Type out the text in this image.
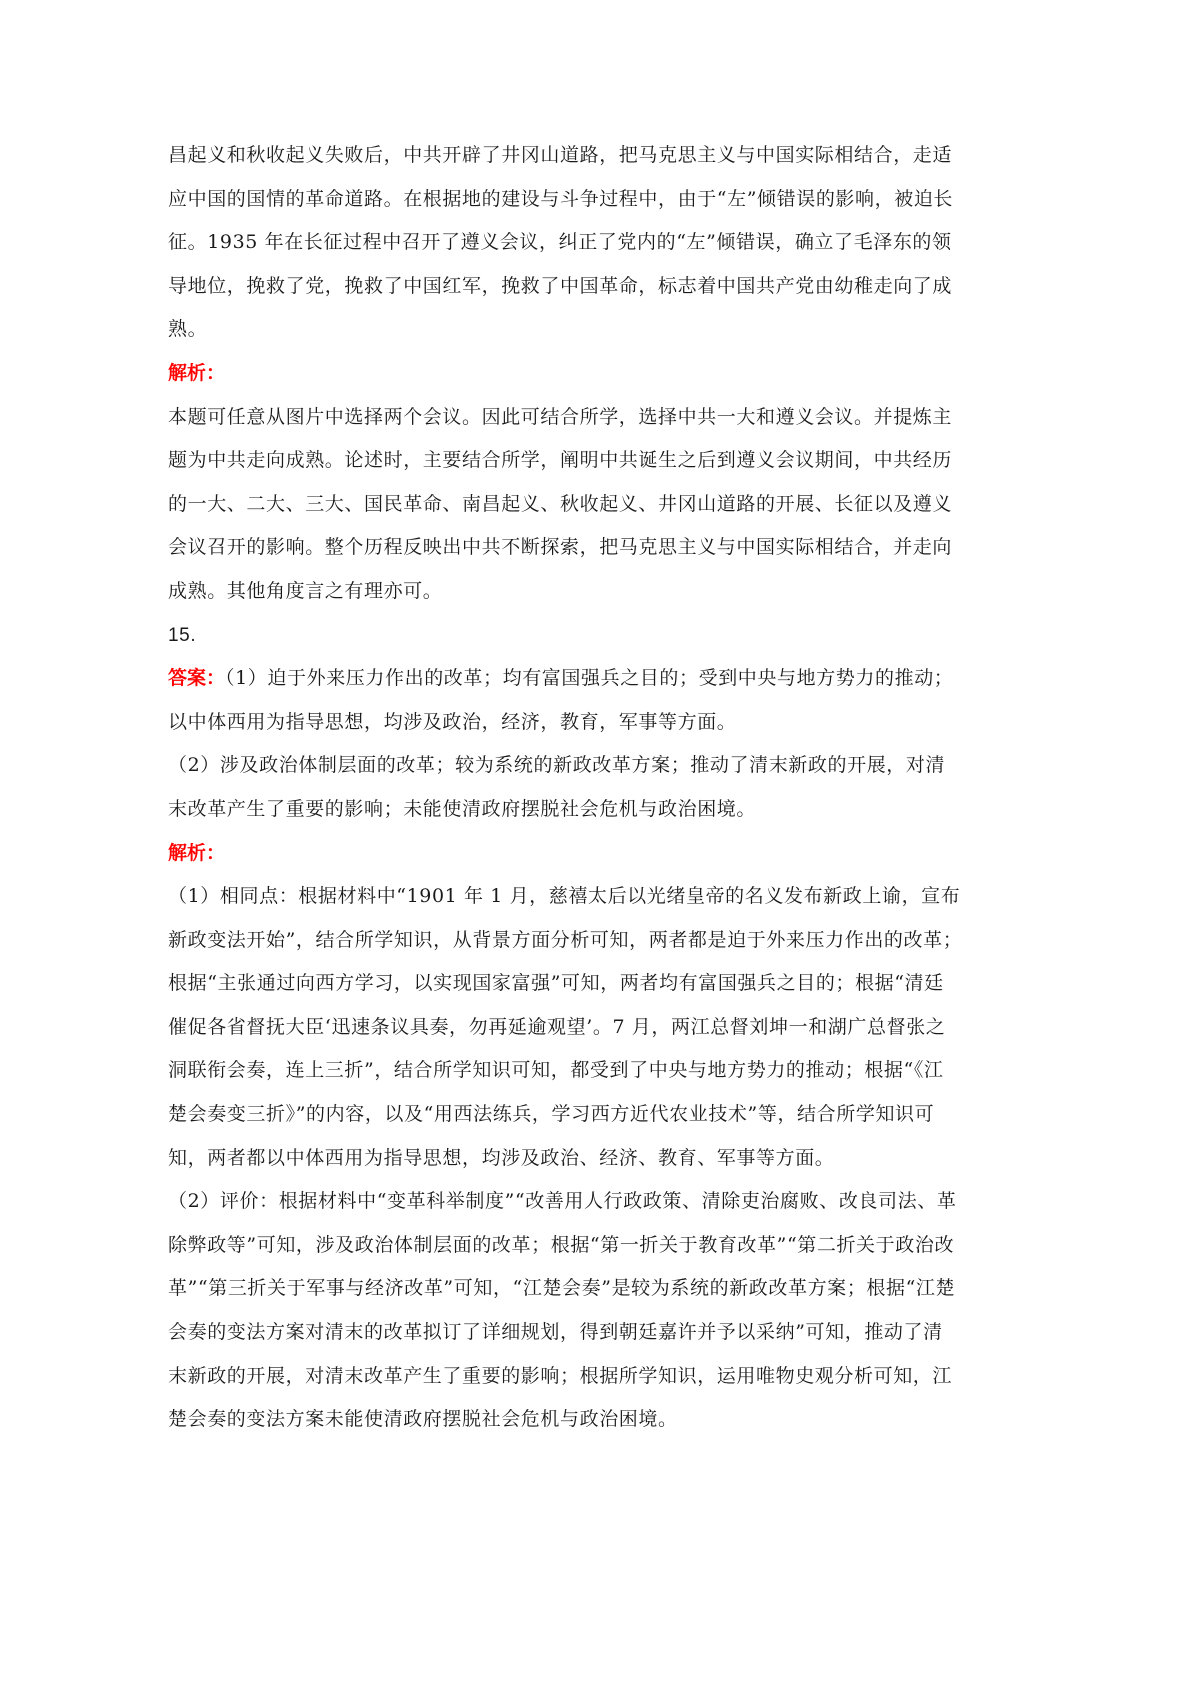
昌起义和秋收起义失败后，中共开辟了井冈山道路，把马克思主义与中国实际相结合，走适
应中国的国情的革命道路。在根据地的建设与斗争过程中，由于“左”倾错误的影响，被迫长
征。1935 年在长征过程中召开了遵义会议，纠正了党内的“左”倾错误，确立了毛泽东的领
导地位，挽救了党，挽救了中国红军，挽救了中国革命，标志着中国共产党由幼稚走向了成
熟。
解析：
本题可任意从图片中选择两个会议。因此可结合所学，选择中共一大和遵义会议。并提炼主
题为中共走向成熟。论述时，主要结合所学，阐明中共诞生之后到遵义会议期间，中共经历
的一大、二大、三大、国民革命、南昌起义、秋收起义、井冈山道路的开展、长征以及遵义
会议召开的影响。整个历程反映出中共不断探索，把马克思主义与中国实际相结合，并走向
成熟。其他角度言之有理亦可。
15.
答案：（1）迫于外来压力作出的改革；均有富国强兵之目的；受到中央与地方势力的推动；
以中体西用为指导思想，均涉及政治，经济，教育，军事等方面。
（2）涉及政治体制层面的改革；较为系统的新政改革方案；推动了清末新政的开展，对清
末改革产生了重要的影响；未能使清政府摆脱社会危机与政治困境。
解析：
（1）相同点：根据材料中“1901 年 1 月，慈禧太后以光绪皇帝的名义发布新政上谕，宣布
新政变法开始”，结合所学知识，从背景方面分析可知，两者都是迫于外来压力作出的改革；
根据“主张通过向西方学习，以实现国家富强”可知，两者均有富国强兵之目的；根据“清廷
催促各省督抚大臣‘迅速条议具奏，勿再延逾观望’。7 月，两江总督刘坤一和湖广总督张之
洞联衔会奏，连上三折”，结合所学知识可知，都受到了中央与地方势力的推动；根据“《江
楚会奏变三折》”的内容，以及“用西法练兵，学习西方近代农业技术”等，结合所学知识可
知，两者都以中体西用为指导思想，均涉及政治、经济、教育、军事等方面。
（2）评价：根据材料中“变革科举制度”“改善用人行政政策、清除吏治腐败、改良司法、革
除弊政等”可知，涉及政治体制层面的改革；根据“第一折关于教育改革”“第二折关于政治改
革”“第三折关于军事与经济改革”可知，“江楚会奏”是较为系统的新政改革方案；根据“江楚
会奏的变法方案对清末的改革拟订了详细规划，得到朝廷嘉许并予以采纳”可知，推动了清
末新政的开展，对清末改革产生了重要的影响；根据所学知识，运用唯物史观分析可知，江
楚会奏的变法方案未能使清政府摆脱社会危机与政治困境。
